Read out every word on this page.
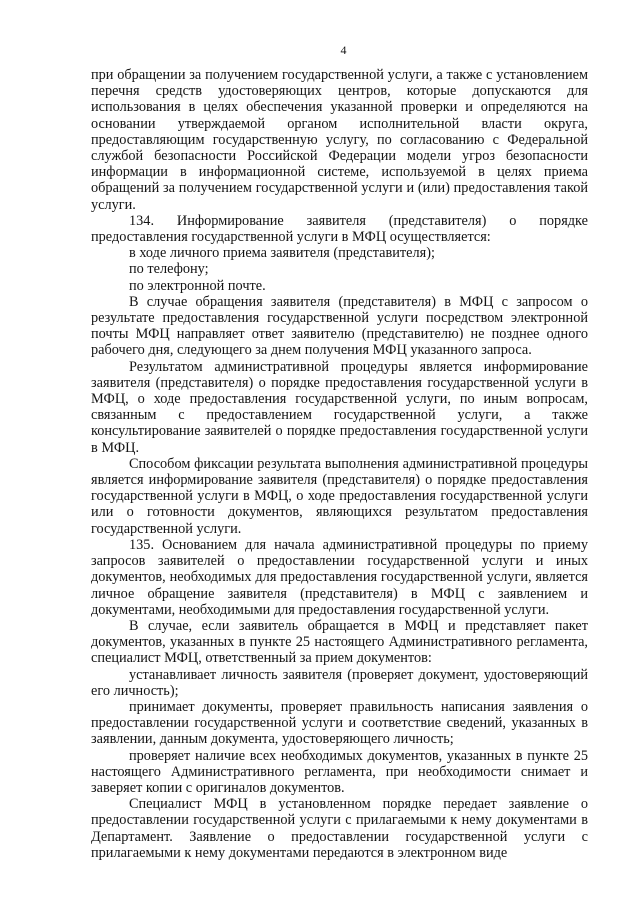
4

при обращении за получением государственной услуги, а также с установлением перечня средств удостоверяющих центров, которые допускаются для использования в целях обеспечения указанной проверки и определяются на основании утверждаемой органом исполнительной власти округа, предоставляющим государственную услугу, по согласованию с Федеральной службой безопасности Российской Федерации модели угроз безопасности информации в информационной системе, используемой в целях приема обращений за получением государственной услуги и (или) предоставления такой услуги.

134. Информирование заявителя (представителя) о порядке предоставления государственной услуги в МФЦ осуществляется:

в ходе личного приема заявителя (представителя);

по телефону;

по электронной почте.

В случае обращения заявителя (представителя) в МФЦ с запросом о результате предоставления государственной услуги посредством электронной почты МФЦ направляет ответ заявителю (представителю) не позднее одного рабочего дня, следующего за днем получения МФЦ указанного запроса.

Результатом административной процедуры является информирование заявителя (представителя) о порядке предоставления государственной услуги в МФЦ, о ходе предоставления государственной услуги, по иным вопросам, связанным с предоставлением государственной услуги, а также консультирование заявителей о порядке предоставления государственной услуги в МФЦ.

Способом фиксации результата выполнения административной процедуры является информирование заявителя (представителя) о порядке предоставления государственной услуги в МФЦ, о ходе предоставления государственной услуги или о готовности документов, являющихся результатом предоставления государственной услуги.

135. Основанием для начала административной процедуры по приему запросов заявителей о предоставлении государственной услуги и иных документов, необходимых для предоставления государственной услуги, является личное обращение заявителя (представителя) в МФЦ с заявлением и документами, необходимыми для предоставления государственной услуги.

В случае, если заявитель обращается в МФЦ и представляет пакет документов, указанных в пункте 25 настоящего Административного регламента, специалист МФЦ, ответственный за прием документов:

устанавливает личность заявителя (проверяет документ, удостоверяющий его личность);

принимает документы, проверяет правильность написания заявления о предоставлении государственной услуги и соответствие сведений, указанных в заявлении, данным документа, удостоверяющего личность;

проверяет наличие всех необходимых документов, указанных в пункте 25 настоящего Административного регламента, при необходимости снимает и заверяет копии с оригиналов документов.

Специалист МФЦ в установленном порядке передает заявление о предоставлении государственной услуги с прилагаемыми к нему документами в Департамент. Заявление о предоставлении государственной услуги с прилагаемыми к нему документами передаются в электронном виде
